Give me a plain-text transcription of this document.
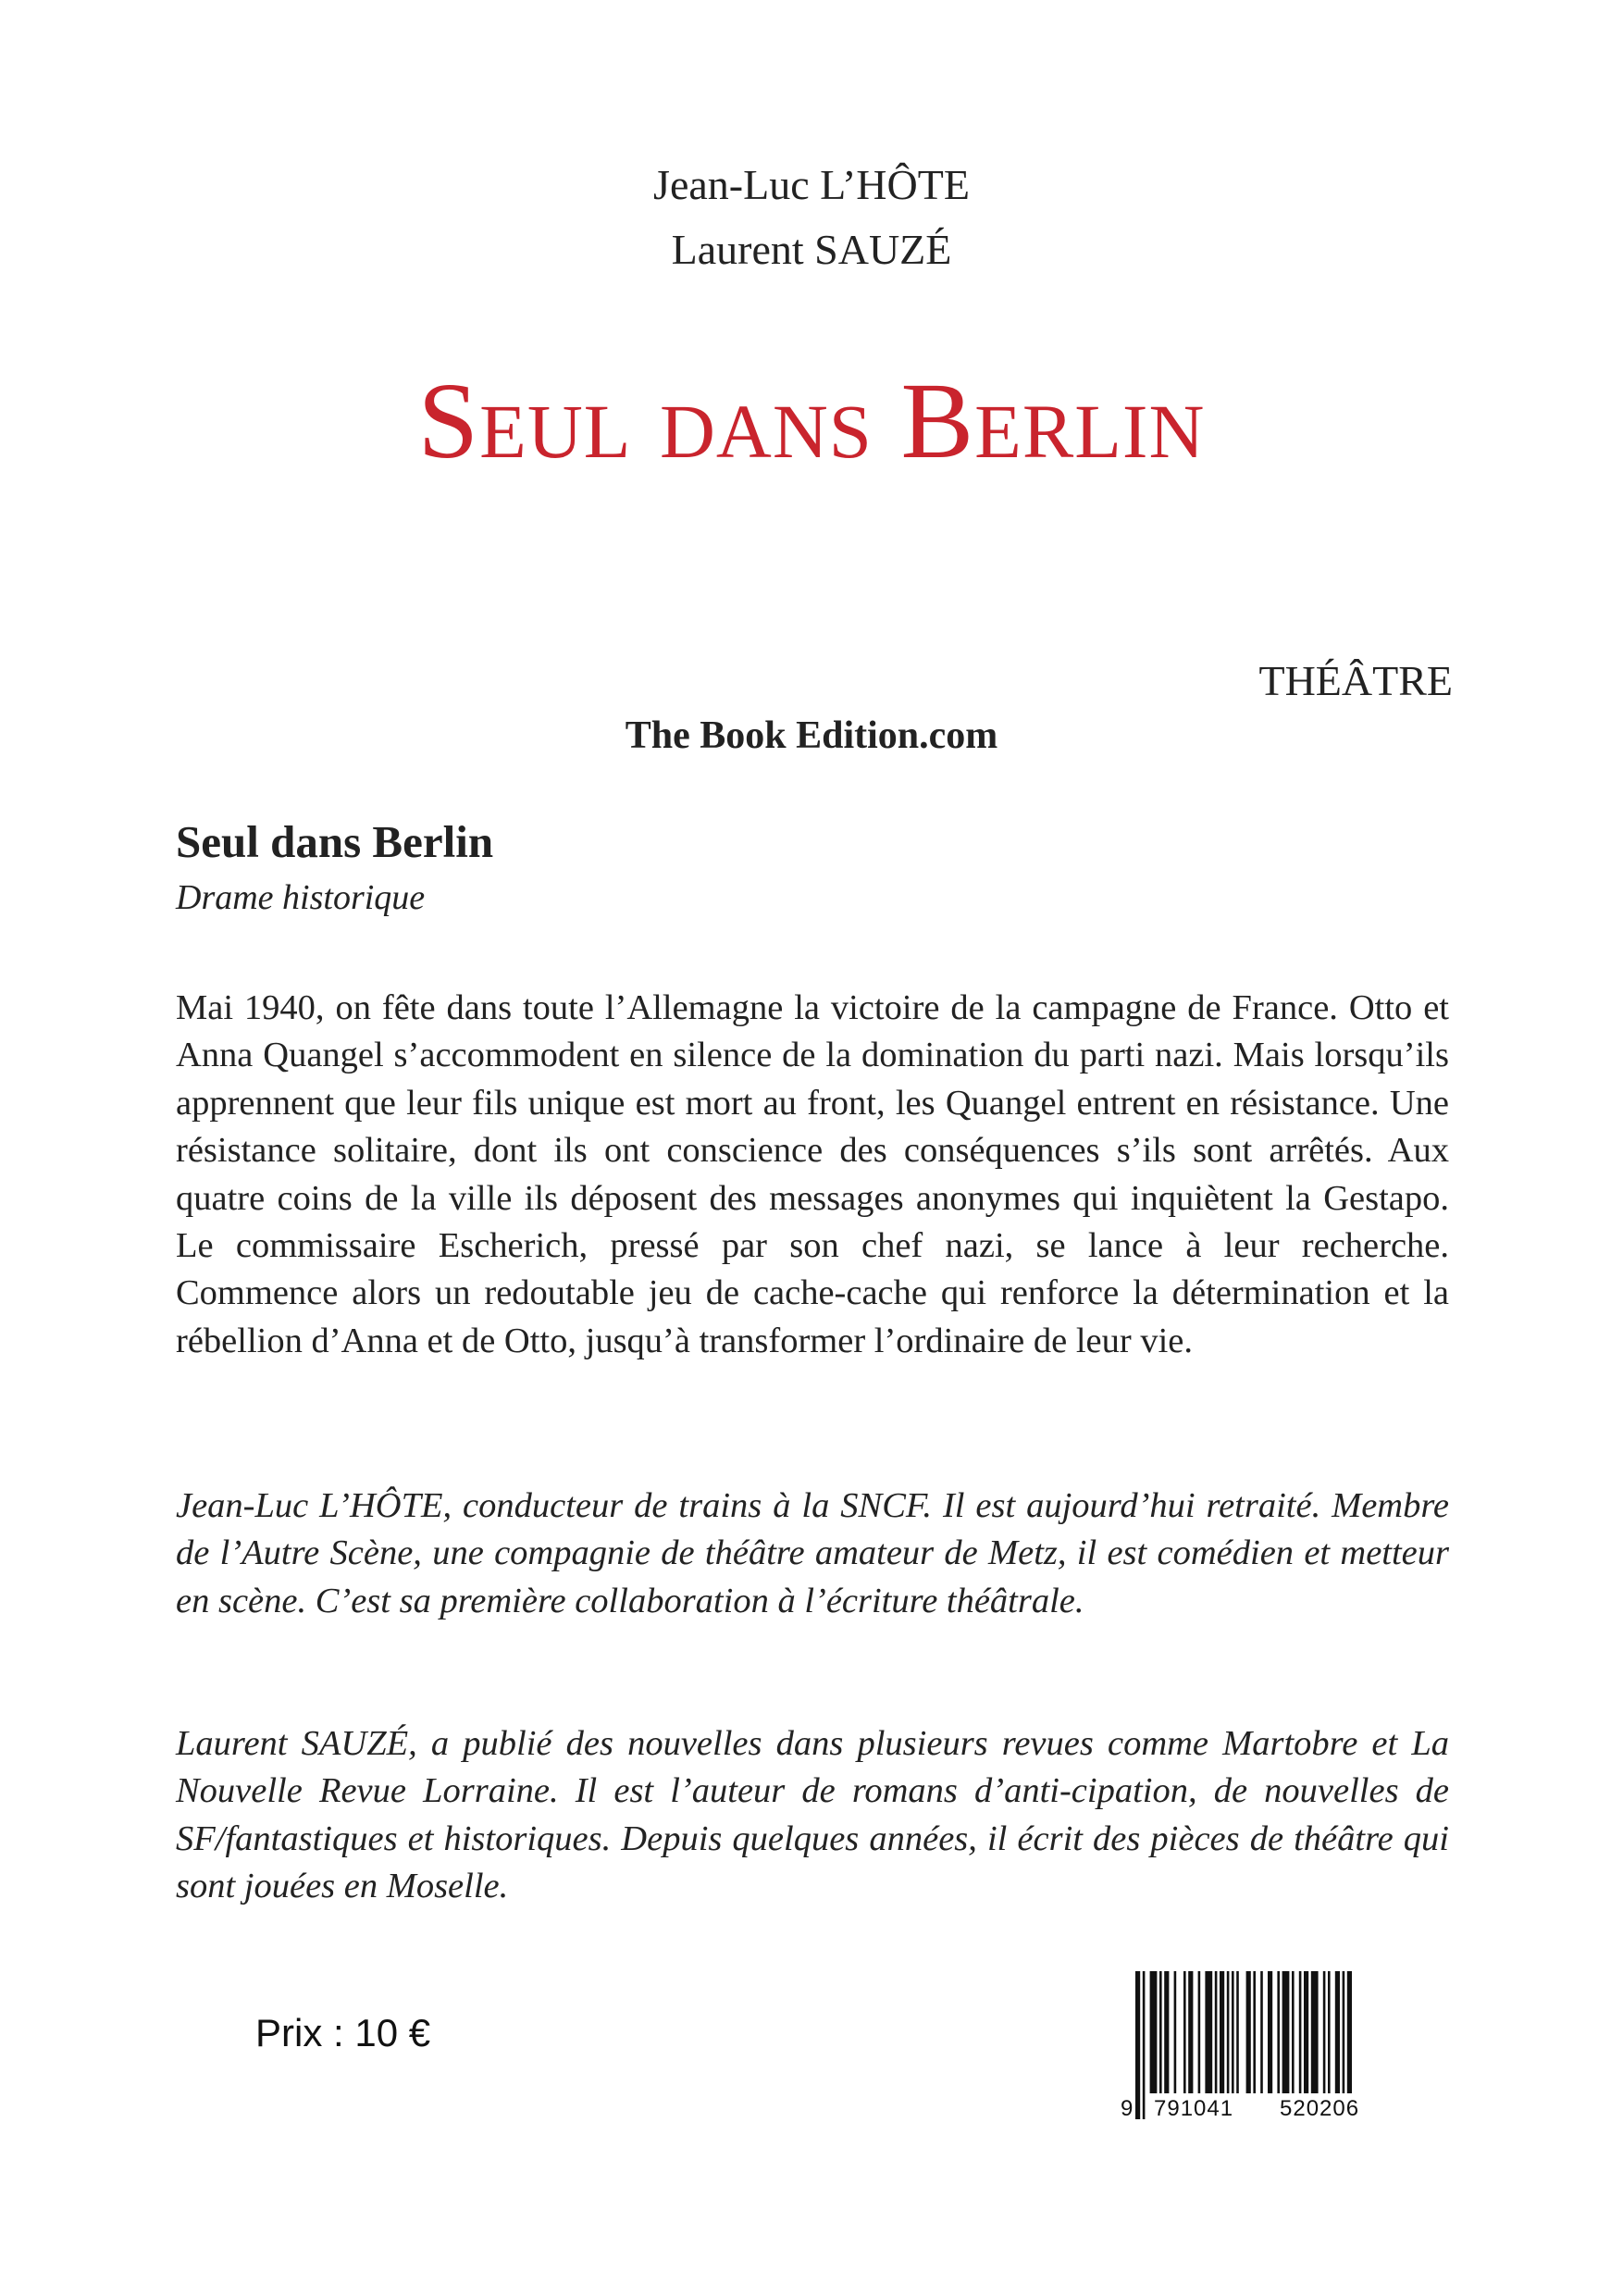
Jean-Luc L’HÔTE
Laurent SAUZÉ
Seul dans Berlin
THÉÂTRE
The Book Edition.com
Seul dans Berlin
Drame historique
Mai 1940, on fête dans toute l’Allemagne la victoire de la campagne de France. Otto et Anna Quangel s’accommodent en silence de la domination du parti nazi. Mais lorsqu’ils apprennent que leur fils unique est mort au front, les Quangel entrent en résistance. Une résistance solitaire, dont ils ont conscience des conséquences s’ils sont arrêtés. Aux quatre coins de la ville ils déposent des messages anonymes qui inquiètent la Gestapo. Le commissaire Escherich, pressé par son chef nazi, se lance à leur recherche. Commence alors un redoutable jeu de cache-cache qui renforce la détermination et la rébellion d’Anna et de Otto, jusqu’à transformer l’ordinaire de leur vie.
Jean-Luc L’HÔTE, conducteur de trains à la SNCF. Il est aujourd’hui retraité. Membre de l’Autre Scène, une compagnie de théâtre amateur de Metz, il est comédien et metteur en scène. C’est sa première collaboration à l’écriture théâtrale.
Laurent SAUZÉ, a publié des nouvelles dans plusieurs revues comme Martobre et La Nouvelle Revue Lorraine. Il est l’auteur de romans d’anti-cipation, de nouvelles de SF/fantastiques et historiques. Depuis quelques années, il écrit des pièces de théâtre qui sont jouées en Moselle.
Prix : 10 €
9 791041 520206
